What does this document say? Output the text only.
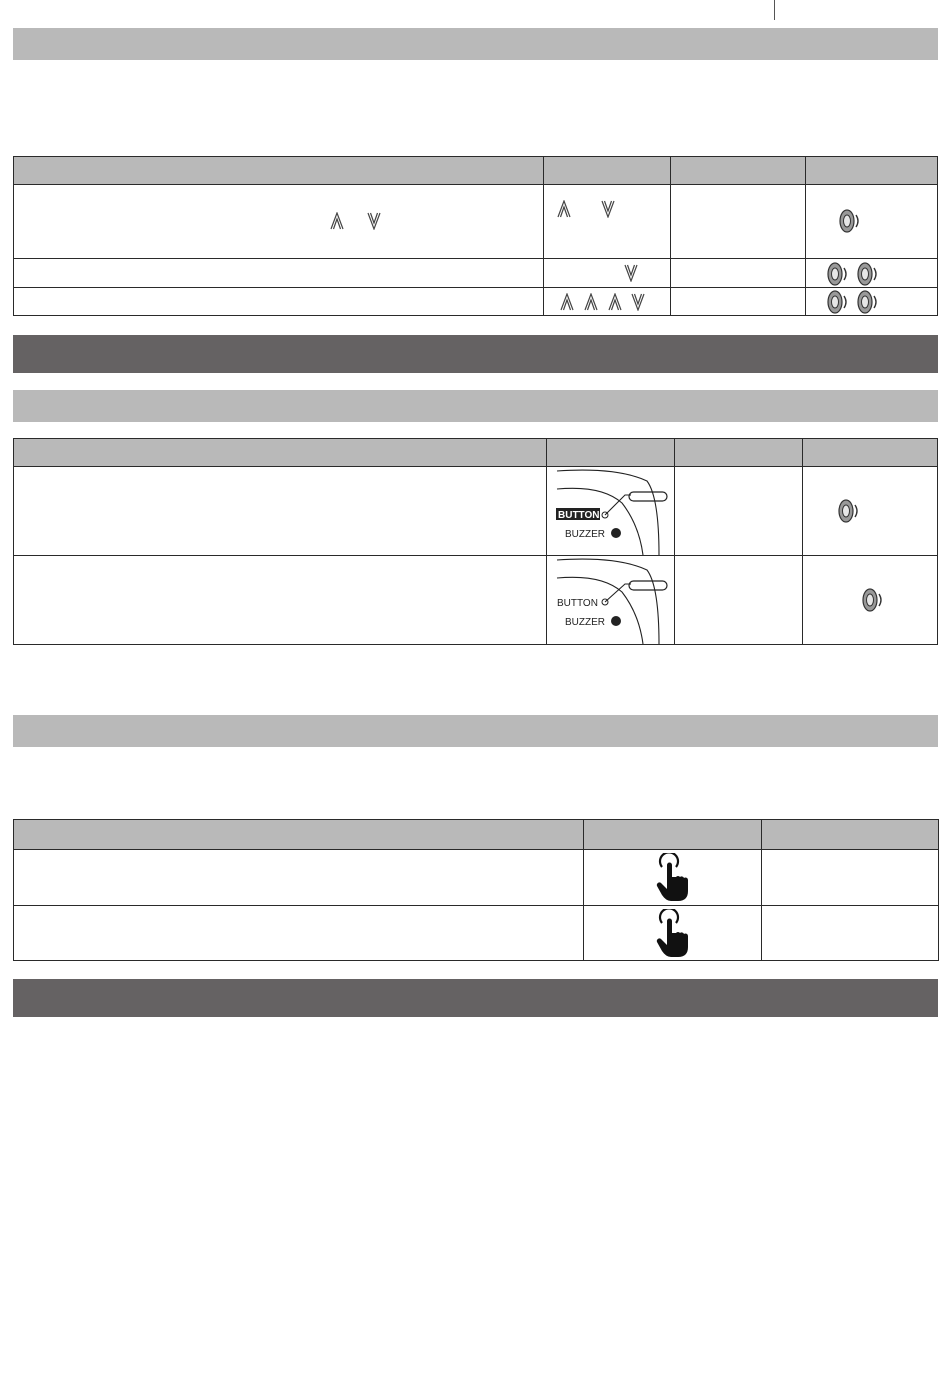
BUTTON
BUZZER

BUTTON
BUZZER
